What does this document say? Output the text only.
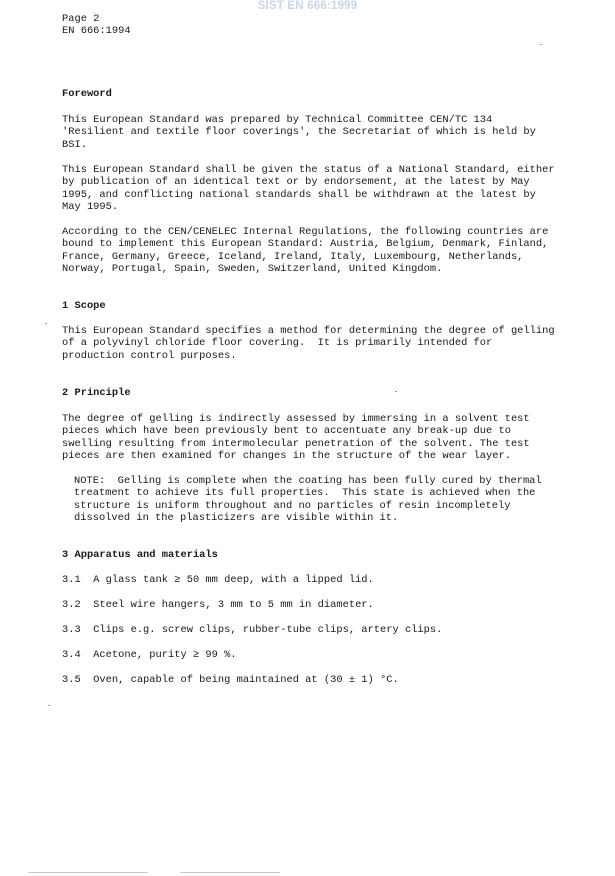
SIST EN 666:1999
Page 2
EN 666:1994
Foreword
This European Standard was prepared by Technical Committee CEN/TC 134
'Resilient and textile floor coverings', the Secretariat of which is held by
BSI.
This European Standard shall be given the status of a National Standard, either
by publication of an identical text or by endorsement, at the latest by May
1995, and conflicting national standards shall be withdrawn at the latest by
May 1995.
According to the CEN/CENELEC Internal Regulations, the following countries are
bound to implement this European Standard: Austria, Belgium, Denmark, Finland,
France, Germany, Greece, Iceland, Ireland, Italy, Luxembourg, Netherlands,
Norway, Portugal, Spain, Sweden, Switzerland, United Kingdom.
1 Scope
This European Standard specifies a method for determining the degree of gelling
of a polyvinyl chloride floor covering.  It is primarily intended for
production control purposes.
2 Principle
The degree of gelling is indirectly assessed by immersing in a solvent test
pieces which have been previously bent to accentuate any break-up due to
swelling resulting from intermolecular penetration of the solvent. The test
pieces are then examined for changes in the structure of the wear layer.
NOTE:  Gelling is complete when the coating has been fully cured by thermal
treatment to achieve its full properties.  This state is achieved when the
structure is uniform throughout and no particles of resin incompletely
dissolved in the plasticizers are visible within it.
3 Apparatus and materials
3.1  A glass tank ≥ 50 mm deep, with a lipped lid.
3.2  Steel wire hangers, 3 mm to 5 mm in diameter.
3.3  Clips e.g. screw clips, rubber-tube clips, artery clips.
3.4  Acetone, purity ≥ 99 %.
3.5  Oven, capable of being maintained at (30 ± 1) °C.
